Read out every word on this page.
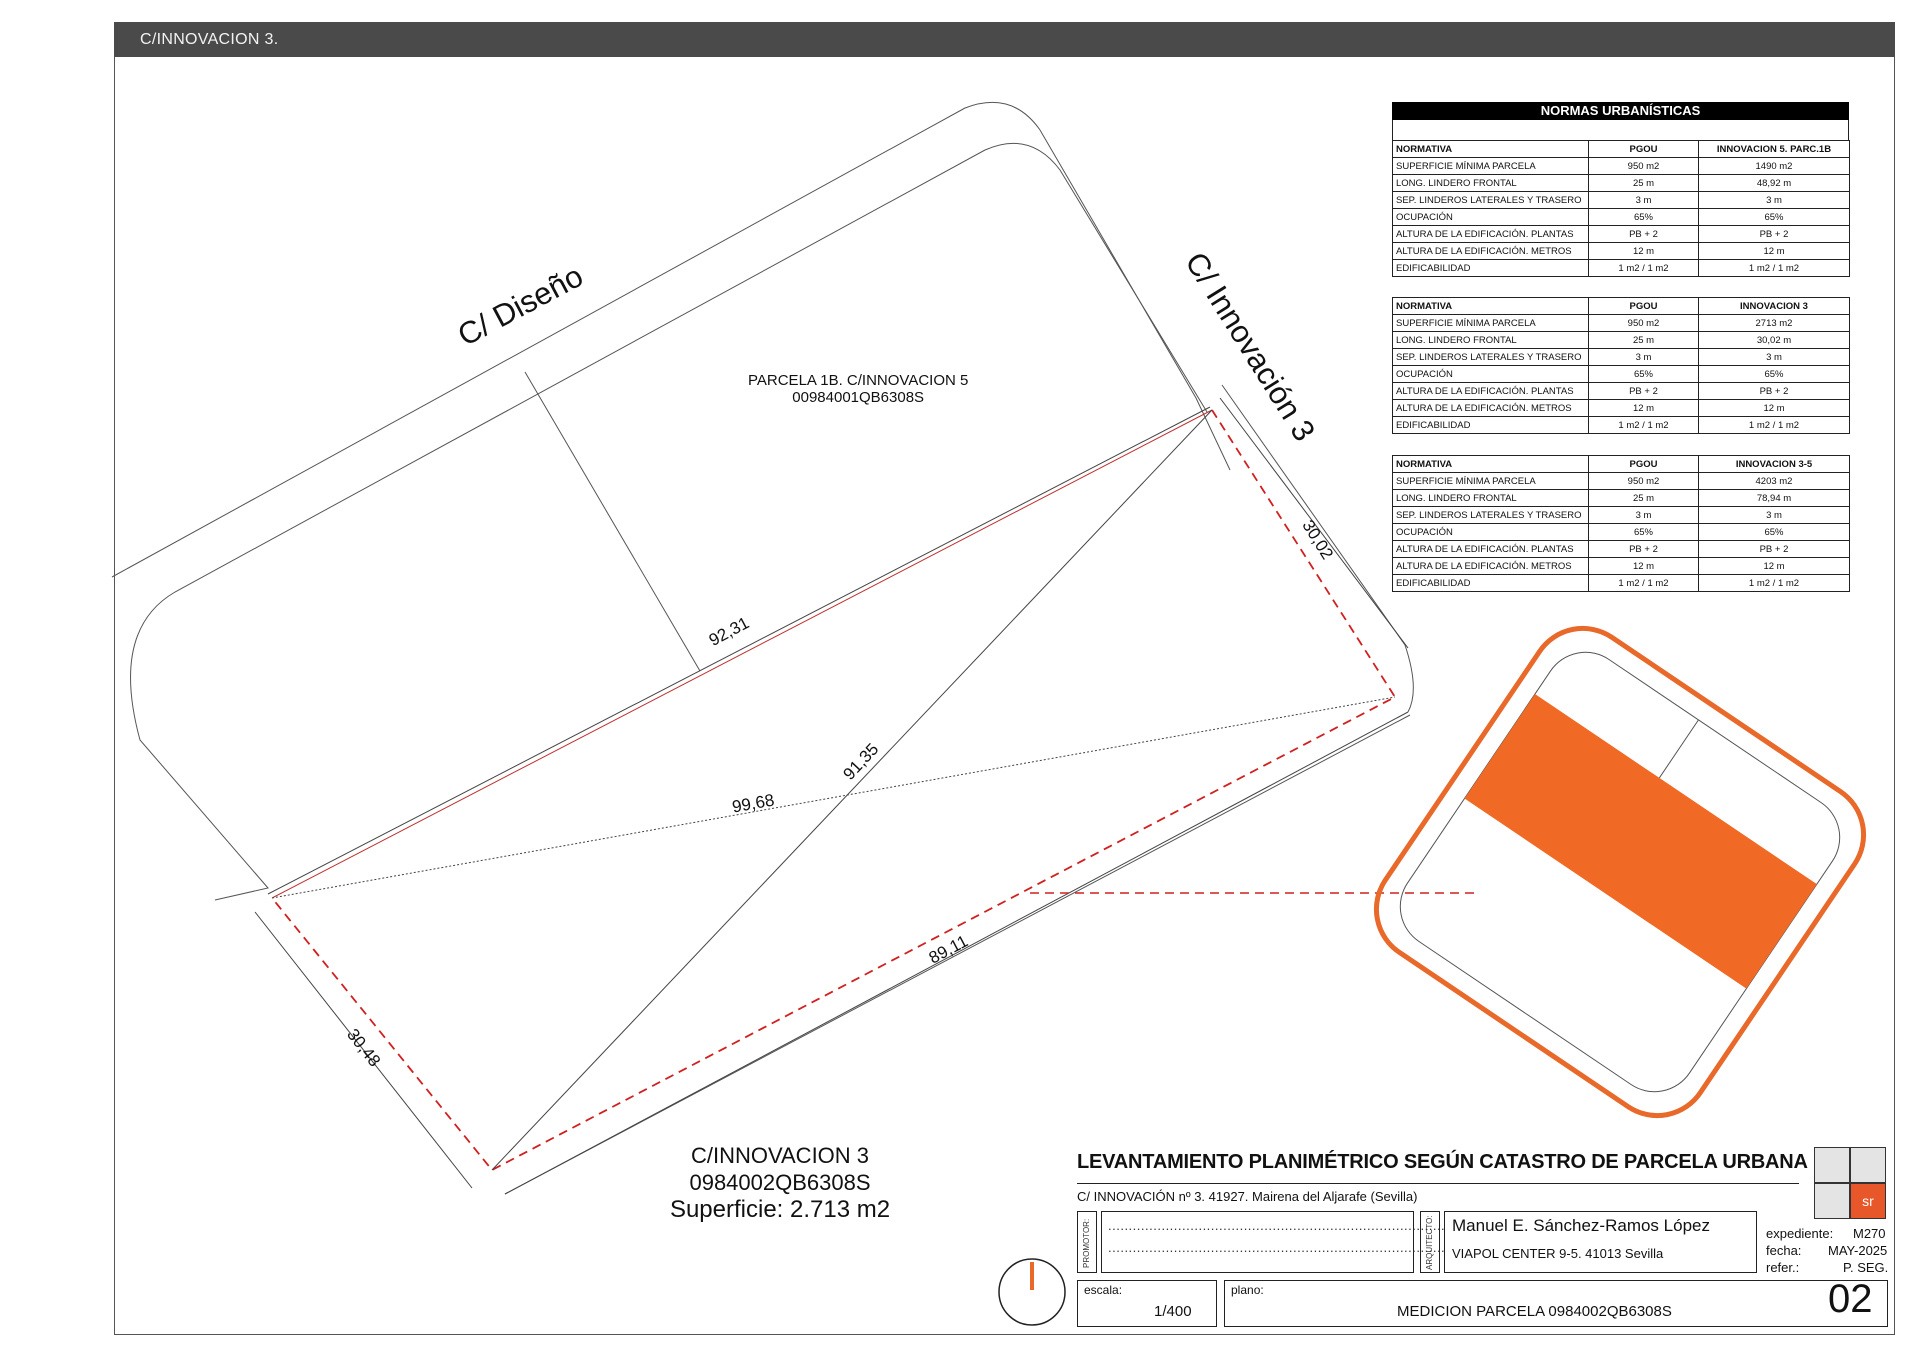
C/INNOVACION 3.
C/ Diseño	C/ Innovación 3
92,31
30,02
99,68
91,35
89,11
30,48
PARCELA 1B. C/INNOVACION 5
00984001QB6308S
C/INNOVACION 3
0984002QB6308S
Superficie: 2.713 m2
NORMAS URBANÍSTICAS
NORMATIVA	PGOU	INNOVACION 5. PARC.1B
SUPERFICIE MÍNIMA PARCELA	950 m2	1490 m2
LONG. LINDERO FRONTAL	25 m	48,92 m
SEP. LINDEROS LATERALES Y TRASERO	3 m	3 m
OCUPACIÓN	65%	65%
ALTURA DE LA EDIFICACIÓN. PLANTAS	PB + 2	PB + 2
ALTURA DE LA EDIFICACIÓN. METROS	12 m	12 m
EDIFICABILIDAD	1 m2 / 1 m2	1 m2 / 1 m2
NORMATIVA	PGOU	INNOVACION 3
SUPERFICIE MÍNIMA PARCELA	950 m2	2713 m2
LONG. LINDERO FRONTAL	25 m	30,02 m
SEP. LINDEROS LATERALES Y TRASERO	3 m	3 m
OCUPACIÓN	65%	65%
ALTURA DE LA EDIFICACIÓN. PLANTAS	PB + 2	PB + 2
ALTURA DE LA EDIFICACIÓN. METROS	12 m	12 m
EDIFICABILIDAD	1 m2 / 1 m2	1 m2 / 1 m2
NORMATIVA	PGOU	INNOVACION 3-5
SUPERFICIE MÍNIMA PARCELA	950 m2	4203 m2
LONG. LINDERO FRONTAL	25 m	78,94 m
SEP. LINDEROS LATERALES Y TRASERO	3 m	3 m
OCUPACIÓN	65%	65%
ALTURA DE LA EDIFICACIÓN. PLANTAS	PB + 2	PB + 2
ALTURA DE LA EDIFICACIÓN. METROS	12 m	12 m
EDIFICABILIDAD	1 m2 / 1 m2	1 m2 / 1 m2
LEVANTAMIENTO PLANIMÉTRICO SEGÚN CATASTRO DE PARCELA URBANA
C/ INNOVACIÓN nº 3. 41927. Mairena del Aljarafe (Sevilla)
PROMOTOR: ..................................................................................
..................................................................................
ARQUITECTO: Manuel E. Sánchez-Ramos López
VIAPOL CENTER 9-5. 41013 Sevilla
expediente: M270
fecha: MAY-2025
refer.:	P. SEG.
escala:
1/400
plano:
MEDICION PARCELA 0984002QB6308S	02
sr
